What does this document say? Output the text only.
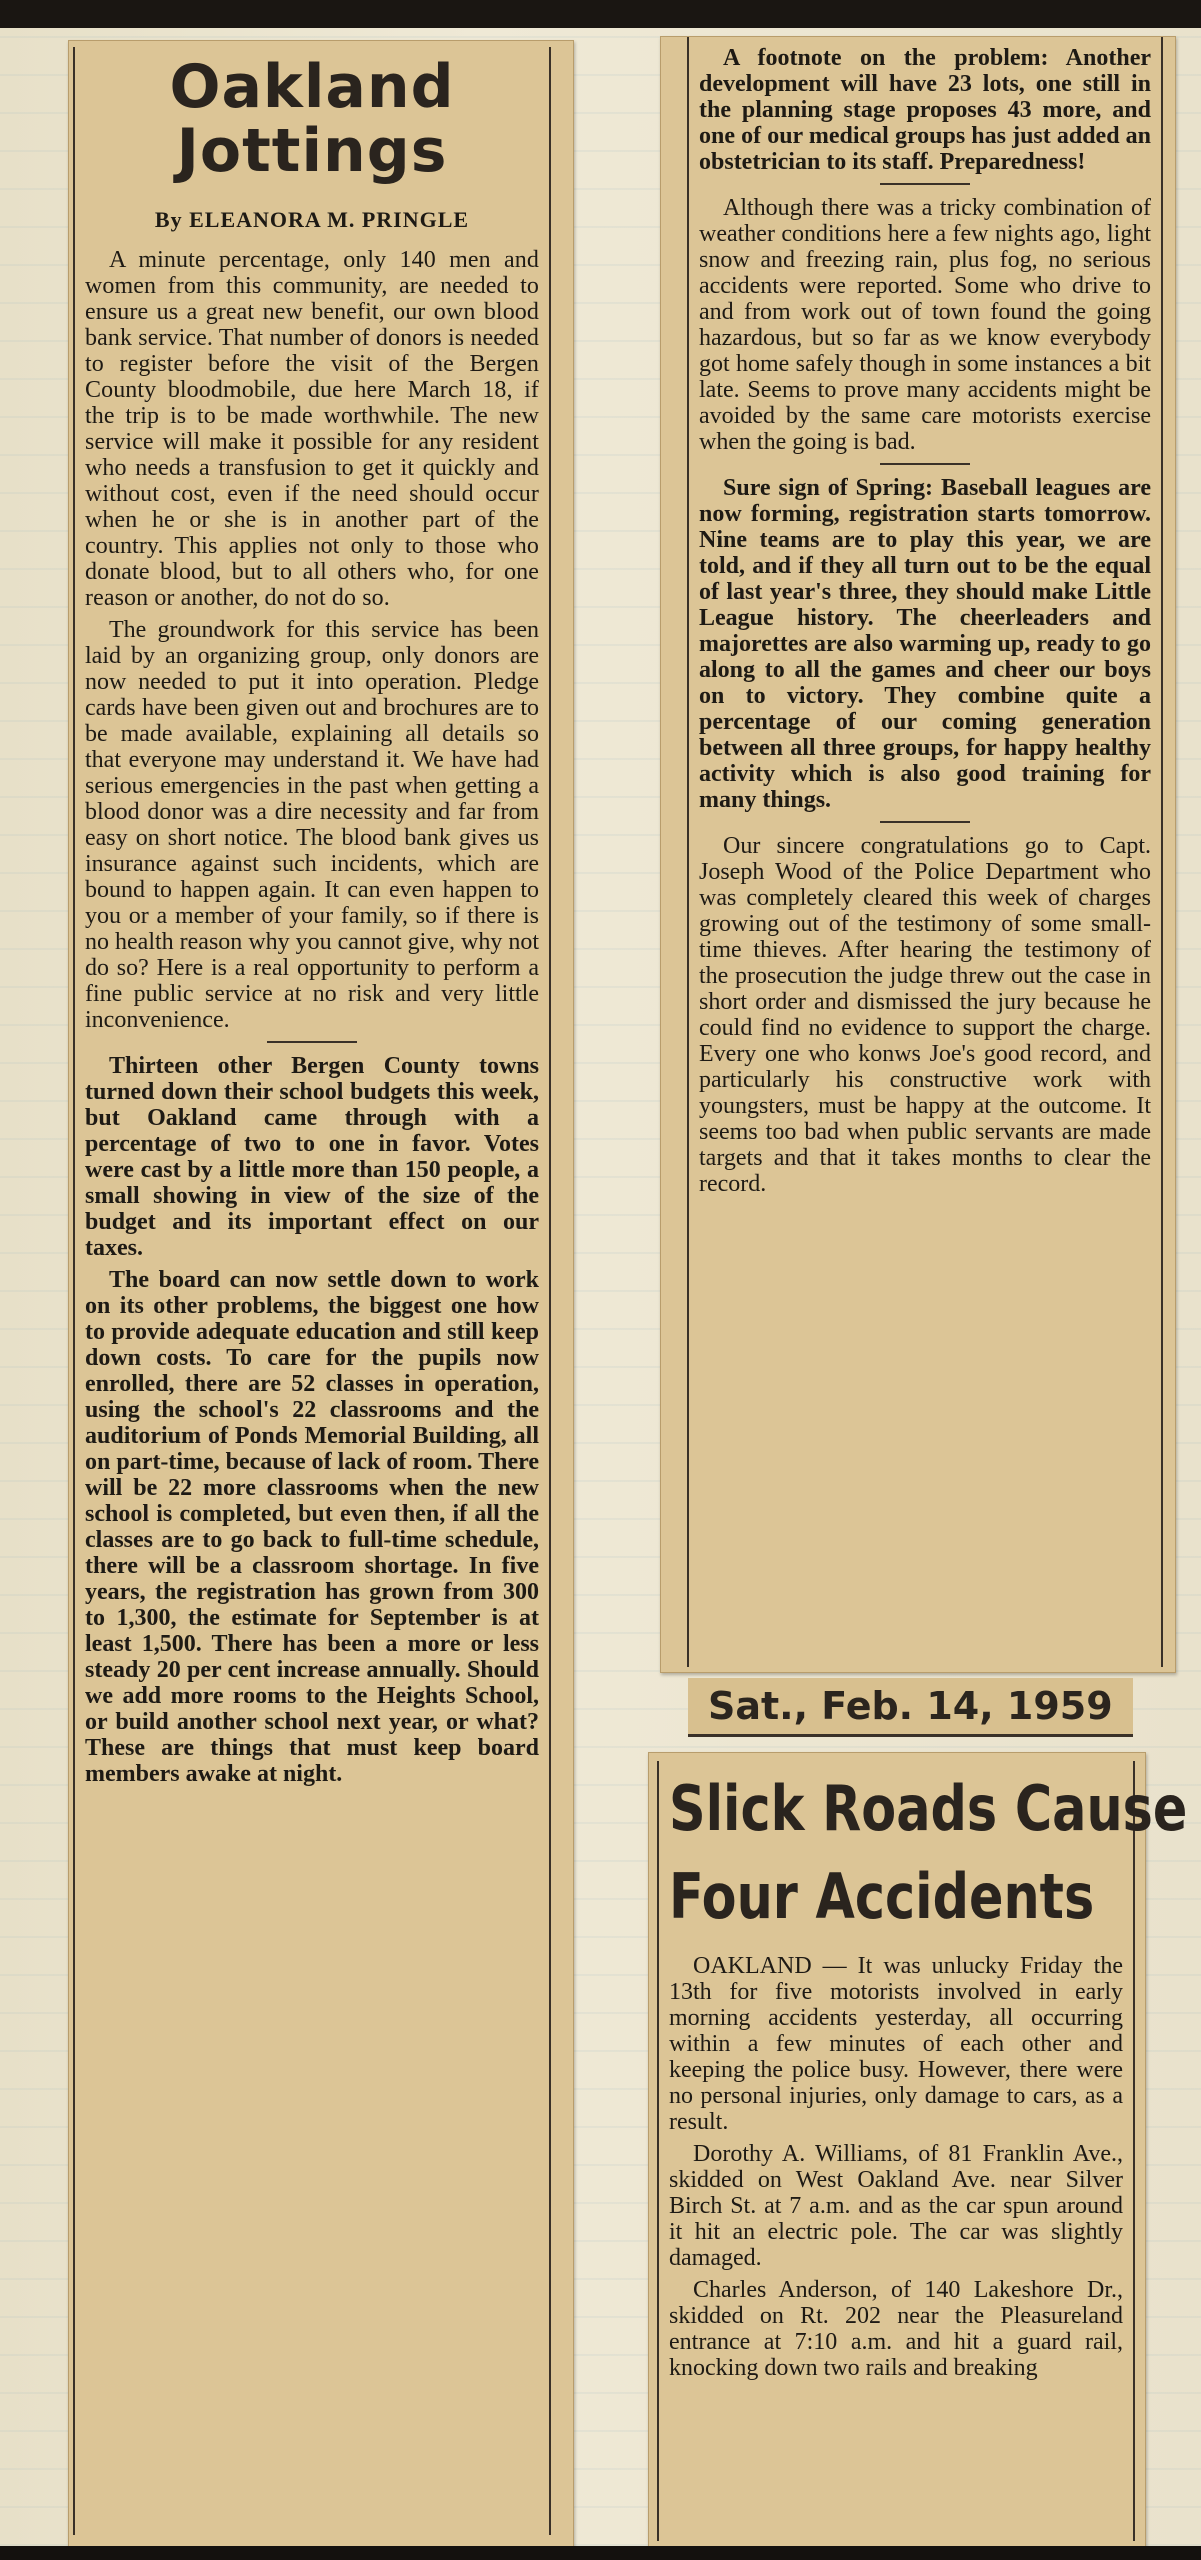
Oakland
Jottings
By ELEANORA M. PRINGLE

A minute percentage, only 140 men and women from this community, are needed to ensure us a great new benefit, our own blood bank service. That number of donors is needed to register before the visit of the Bergen County bloodmobile, due here March 18, if the trip is to be made worthwhile. The new service will make it possible for any resident who needs a transfusion to get it quickly and without cost, even if the need should occur when he or she is in another part of the country. This applies not only to those who donate blood, but to all others who, for one reason or another, do not do so.

The groundwork for this service has been laid by an organizing group, only donors are now needed to put it into operation. Pledge cards have been given out and brochures are to be made available, explaining all details so that everyone may understand it. We have had serious emergencies in the past when getting a blood donor was a dire necessity and far from easy on short notice. The blood bank gives us insurance against such incidents, which are bound to happen again. It can even happen to you or a member of your family, so if there is no health reason why you cannot give, why not do so? Here is a real opportunity to perform a fine public service at no risk and very little inconvenience.

Thirteen other Bergen County towns turned down their school budgets this week, but Oakland came through with a percentage of two to one in favor. Votes were cast by a little more than 150 people, a small showing in view of the size of the budget and its important effect on our taxes.

The board can now settle down to work on its other problems, the biggest one how to provide adequate education and still keep down costs. To care for the pupils now enrolled, there are 52 classes in operation, using the school's 22 classrooms and the auditorium of Ponds Memorial Building, all on part-time, because of lack of room. There will be 22 more classrooms when the new school is completed, but even then, if all the classes are to go back to full-time schedule, there will be a classroom shortage. In five years, the registration has grown from 300 to 1,300, the estimate for September is at least 1,500. There has been a more or less steady 20 per cent increase annually. Should we add more rooms to the Heights School, or build another school next year, or what? These are things that must keep board members awake at night.

A footnote on the problem: Another development will have 23 lots, one still in the planning stage proposes 43 more, and one of our medical groups has just added an obstetrician to its staff. Preparedness!

Although there was a tricky combination of weather conditions here a few nights ago, light snow and freezing rain, plus fog, no serious accidents were reported. Some who drive to and from work out of town found the going hazardous, but so far as we know everybody got home safely though in some instances a bit late. Seems to prove many accidents might be avoided by the same care motorists exercise when the going is bad.

Sure sign of Spring: Baseball leagues are now forming, registration starts tomorrow. Nine teams are to play this year, we are told, and if they all turn out to be the equal of last year's three, they should make Little League history. The cheerleaders and majorettes are also warming up, ready to go along to all the games and cheer our boys on to victory. They combine quite a percentage of our coming generation between all three groups, for happy healthy activity which is also good training for many things.

Our sincere congratulations go to Capt. Joseph Wood of the Police Department who was completely cleared this week of charges growing out of the testimony of some small-time thieves. After hearing the testimony of the prosecution the judge threw out the case in short order and dismissed the jury because he could find no evidence to support the charge. Every one who konws Joe's good record, and particularly his constructive work with youngsters, must be happy at the outcome. It seems too bad when public servants are made targets and that it takes months to clear the record.

Sat., Feb. 14, 1959
Slick Roads Cause
Four Accidents

OAKLAND — It was unlucky Friday the 13th for five motorists involved in early morning accidents yesterday, all occurring within a few minutes of each other and keeping the police busy. However, there were no personal injuries, only damage to cars, as a result.

Dorothy A. Williams, of 81 Franklin Ave., skidded on West Oakland Ave. near Silver Birch St. at 7 a.m. and as the car spun around it hit an electric pole. The car was slightly damaged.

Charles Anderson, of 140 Lakeshore Dr., skidded on Rt. 202 near the Pleasureland entrance at 7:10 a.m. and hit a guard rail, knocking down two rails and breaking
